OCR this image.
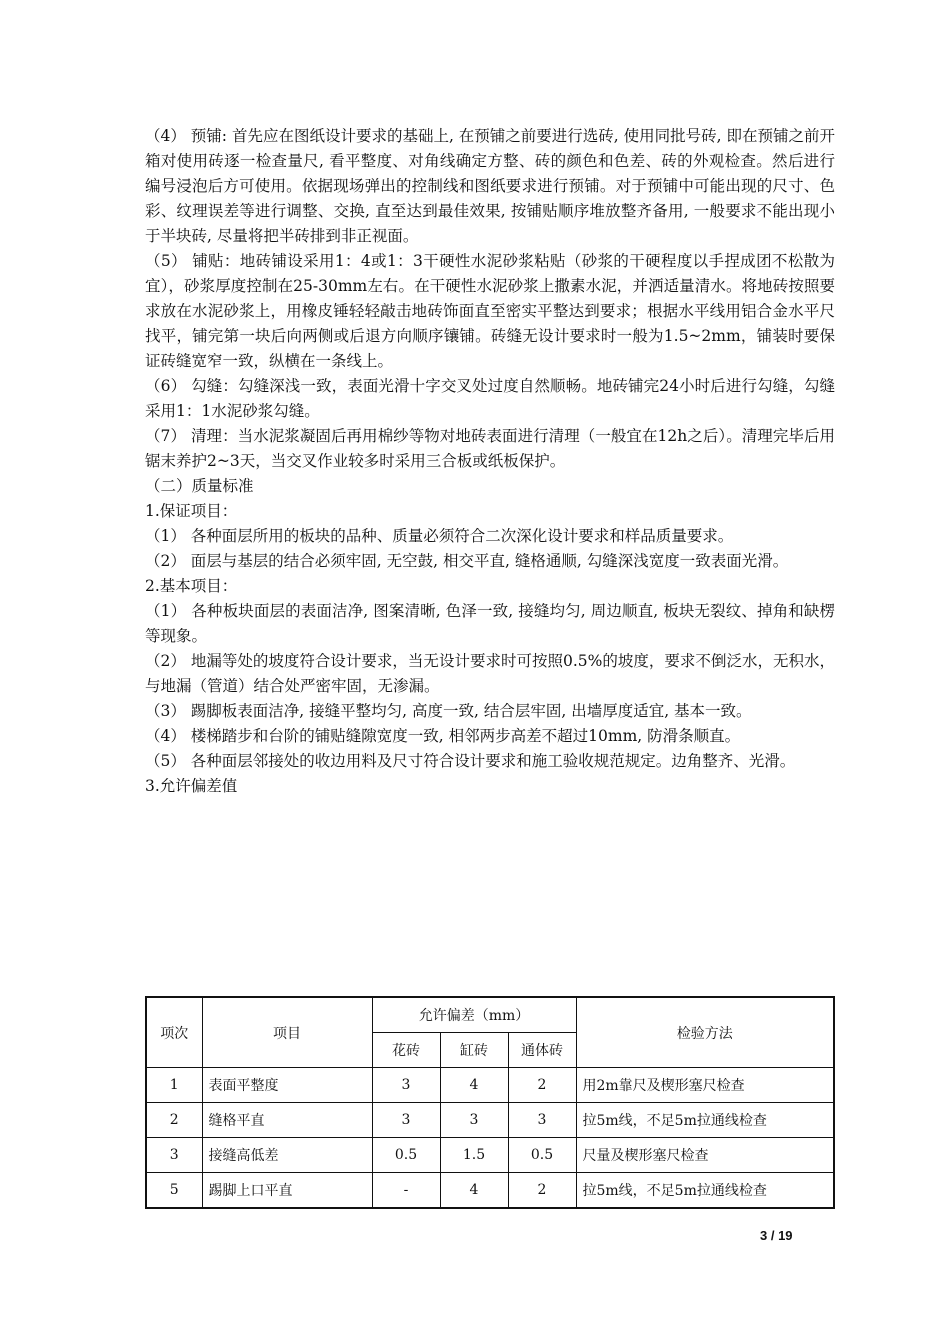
（4） 预铺: 首先应在图纸设计要求的基础上, 在预铺之前要进行选砖, 使用同批号砖, 即在预铺之前开箱对使用砖逐一检查量尺, 看平整度、对角线确定方整、砖的颜色和色差、砖的外观检查。然后进行编号浸泡后方可使用。依据现场弹出的控制线和图纸要求进行预铺。对于预铺中可能出现的尺寸、色彩、纹理误差等进行调整、交换, 直至达到最佳效果, 按铺贴顺序堆放整齐备用, 一般要求不能出现小于半块砖, 尽量将把半砖排到非正视面。

（5） 铺贴：地砖铺设采用1：4或1：3干硬性水泥砂浆粘贴（砂浆的干硬程度以手捏成团不松散为宜），砂浆厚度控制在25-30mm左右。在干硬性水泥砂浆上撒素水泥，并洒适量清水。将地砖按照要求放在水泥砂浆上，用橡皮锤轻轻敲击地砖饰面直至密实平整达到要求；根据水平线用铝合金水平尺找平，铺完第一块后向两侧或后退方向顺序镶铺。砖缝无设计要求时一般为1.5~2mm，铺装时要保证砖缝宽窄一致，纵横在一条线上。

（6） 勾缝：勾缝深浅一致，表面光滑十字交叉处过度自然顺畅。地砖铺完24小时后进行勾缝，勾缝采用1：1水泥砂浆勾缝。

（7） 清理：当水泥浆凝固后再用棉纱等物对地砖表面进行清理（一般宜在12h之后）。清理完毕后用锯末养护2~3天，当交叉作业较多时采用三合板或纸板保护。

（二）质量标准

1.保证项目：

（1） 各种面层所用的板块的品种、质量必须符合二次深化设计要求和样品质量要求。

（2） 面层与基层的结合必须牢固, 无空鼓, 相交平直, 缝格通顺, 勾缝深浅宽度一致表面光滑。

2.基本项目：

（1） 各种板块面层的表面洁净, 图案清晰, 色泽一致, 接缝均匀, 周边顺直, 板块无裂纹、掉角和缺楞等现象。

（2） 地漏等处的坡度符合设计要求，当无设计要求时可按照0.5%的坡度，要求不倒泛水，无积水，与地漏（管道）结合处严密牢固，无渗漏。

（3） 踢脚板表面洁净, 接缝平整均匀, 高度一致, 结合层牢固, 出墙厚度适宜, 基本一致。

（4） 楼梯踏步和台阶的铺贴缝隙宽度一致, 相邻两步高差不超过10mm, 防滑条顺直。

（5） 各种面层邻接处的收边用料及尺寸符合设计要求和施工验收规范规定。边角整齐、光滑。

3.允许偏差值

项次	项目	允许偏差（mm）			检验方法
		花砖	缸砖	通体砖	
1	表面平整度	3	4	2	用2m靠尺及楔形塞尺检查
2	缝格平直	3	3	3	拉5m线，不足5m拉通线检查
3	接缝高低差	0.5	1.5	0.5	尺量及楔形塞尺检查
5	踢脚上口平直	-	4	2	拉5m线，不足5m拉通线检查
3 / 19
